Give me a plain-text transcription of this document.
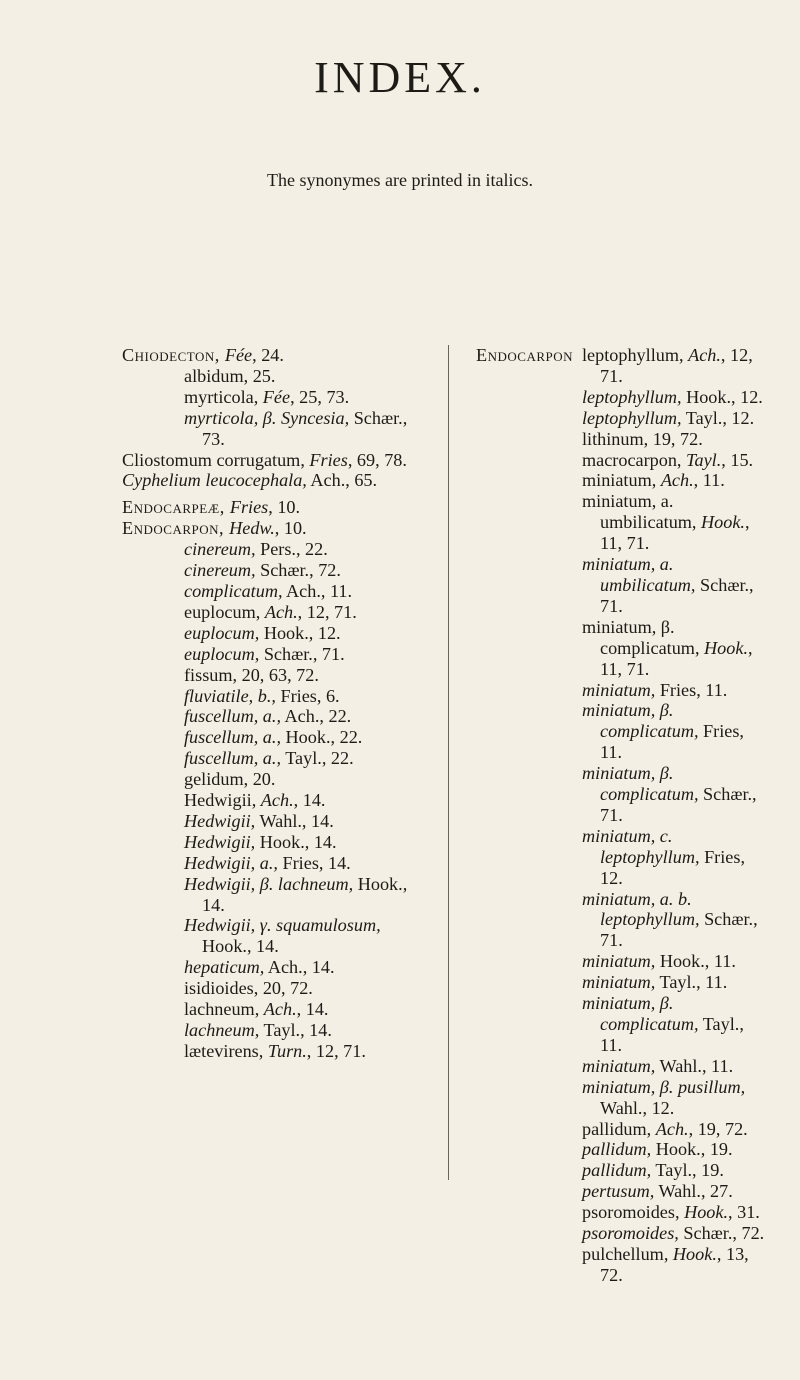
INDEX.
The synonymes are printed in italics.
Chiodecton, Fée, 24.
albidum, 25.
myrticola, Fée, 25, 73.
myrticola, β. Syncesia, Schær., 73.
Cliostomum corrugatum, Fries, 69, 78.
Cyphelium leucocephala, Ach., 65.
Endocarpeæ, Fries, 10.
Endocarpon, Hedw., 10.
cinereum, Pers., 22.
cinereum, Schær., 72.
complicatum, Ach., 11.
euplocum, Ach., 12, 71.
euplocum, Hook., 12.
euplocum, Schær., 71.
fissum, 20, 63, 72.
fluviatile, b., Fries, 6.
fuscellum, a., Ach., 22.
fuscellum, a., Hook., 22.
fuscellum, a., Tayl., 22.
gelidum, 20.
Hedwigii, Ach., 14.
Hedwigii, Wahl., 14.
Hedwigii, Hook., 14.
Hedwigii, a., Fries, 14.
Hedwigii, β. lachneum, Hook., 14.
Hedwigii, γ. squamulosum, Hook., 14.
hepaticum, Ach., 14.
isidioides, 20, 72.
lachneum, Ach., 14.
lachneum, Tayl., 14.
lætevirens, Turn., 12, 71.
Endocarpon leptophyllum, Ach., 12, 71.
leptophyllum, Hook., 12.
leptophyllum, Tayl., 12.
lithinum, 19, 72.
macrocarpon, Tayl., 15.
miniatum, Ach., 11.
miniatum, a. umbilicatum, Hook., 11, 71.
miniatum, a. umbilicatum, Schær., 71.
miniatum, β. complicatum, Hook., 11, 71.
miniatum, Fries, 11.
miniatum, β. complicatum, Fries, 11.
miniatum, β. complicatum, Schær., 71.
miniatum, c. leptophyllum, Fries, 12.
miniatum, a. b. leptophyllum, Schær., 71.
miniatum, Hook., 11.
miniatum, Tayl., 11.
miniatum, β. complicatum, Tayl., 11.
miniatum, Wahl., 11.
miniatum, β. pusillum, Wahl., 12.
pallidum, Ach., 19, 72.
pallidum, Hook., 19.
pallidum, Tayl., 19.
pertusum, Wahl., 27.
psoromoides, Hook., 31.
psoromoides, Schær., 72.
pulchellum, Hook., 13, 72.
